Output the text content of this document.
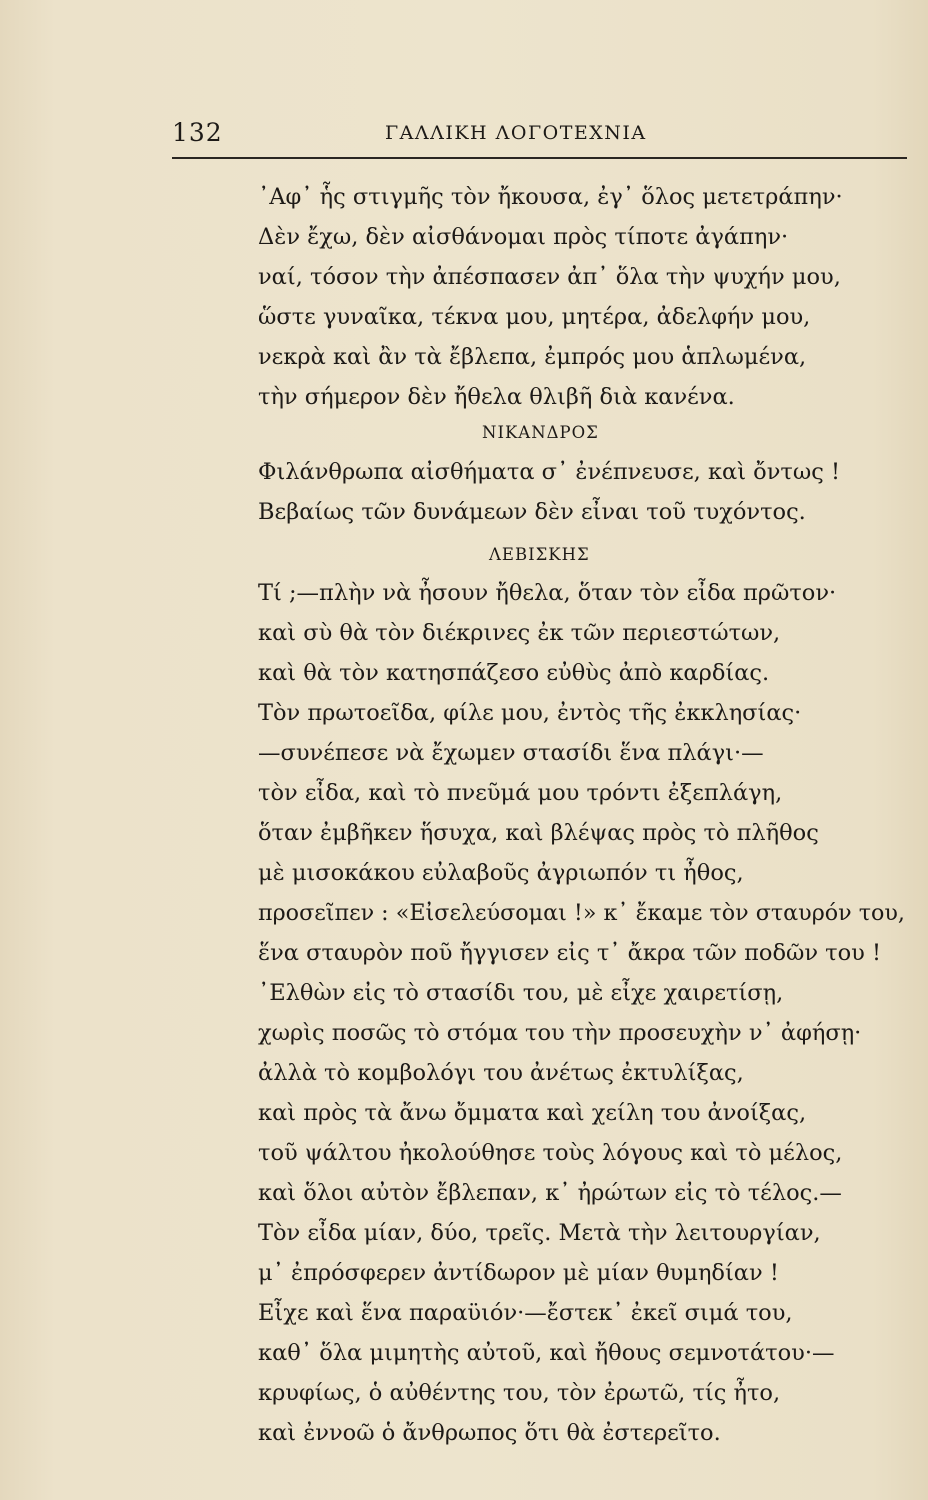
132	ΓΑΛΛΙΚΗ ΛΟΓΟΤΕΧΝΙΑ
᾿Αφ᾿ ἧς στιγμῆς τὸν ἤκουσα, ἐγ᾿ ὅλος μετετράπην·
Δὲν ἔχω, δὲν αἰσθάνομαι πρὸς τίποτε ἀγάπην·
ναί, τόσον τὴν ἀπέσπασεν ἀπ᾿ ὅλα τὴν ψυχήν μου,
ὥστε γυναῖκα, τέκνα μου, μητέρα, ἀδελφήν μου,
νεκρὰ καὶ ἂν τὰ ἔβλεπα, ἐμπρός μου ἁπλωμένα,
τὴν σήμερον δὲν ἤθελα θλιβῆ διὰ κανένα.
ΝΙΚΑΝΔΡΟΣ
Φιλάνθρωπα αἰσθήματα σ᾿ ἐνέπνευσε, καὶ ὄντως !
Βεβαίως τῶν δυνάμεων δὲν εἶναι τοῦ τυχόντος.
ΛΕΒΙΣΚΗΣ
Τί ;—πλὴν νὰ ἦσουν ἤθελα, ὅταν τὸν εἶδα πρῶτον·
καὶ σὺ θὰ τὸν διέκρινες ἐκ τῶν περιεστώτων,
καὶ θὰ τὸν κατησπάζεσο εὐθὺς ἀπὸ καρδίας.
Τὸν πρωτοεῖδα, φίλε μου, ἐντὸς τῆς ἐκκλησίας·
—συνέπεσε νὰ ἔχωμεν στασίδι ἕνα πλάγι·—
τὸν εἶδα, καὶ τὸ πνεῦμά μου τρόντι ἐξεπλάγη,
ὅταν ἐμβῆκεν ἥσυχα, καὶ βλέψας πρὸς τὸ πλῆθος
μὲ μισοκάκου εὐλαβοῦς ἀγριωπόν τι ἦθος,
προσεῖπεν : «Εἰσελεύσομαι !» κ᾿ ἔκαμε τὸν σταυρόν του,
ἕνα σταυρὸν ποῦ ἤγγισεν εἰς τ᾿ ἄκρα τῶν ποδῶν του !
᾿Ελθὼν εἰς τὸ στασίδι του, μὲ εἶχε χαιρετίσῃ,
χωρὶς ποσῶς τὸ στόμα του τὴν προσευχὴν ν᾿ ἀφήσῃ·
ἀλλὰ τὸ κομβολόγι του ἀνέτως ἐκτυλίξας,
καὶ πρὸς τὰ ἄνω ὄμματα καὶ χείλη του ἀνοίξας,
τοῦ ψάλτου ἠκολούθησε τοὺς λόγους καὶ τὸ μέλος,
καὶ ὅλοι αὐτὸν ἔβλεπαν, κ᾿ ἠρώτων εἰς τὸ τέλος.—
Τὸν εἶδα μίαν, δύο, τρεῖς. Μετὰ τὴν λειτουργίαν,
μ᾿ ἐπρόσφερεν ἀντίδωρον μὲ μίαν θυμηδίαν !
Εἶχε καὶ ἕνα παραϋιόν·—ἔστεκ᾿ ἐκεῖ σιμά του,
καθ᾿ ὅλα μιμητὴς αὐτοῦ, καὶ ἤθους σεμνοτάτου·—
κρυφίως, ὁ αὐθέντης του, τὸν ἐρωτῶ, τίς ἦτο,
καὶ ἐννοῶ ὁ ἄνθρωπος ὅτι θὰ ἐστερεῖτο.
